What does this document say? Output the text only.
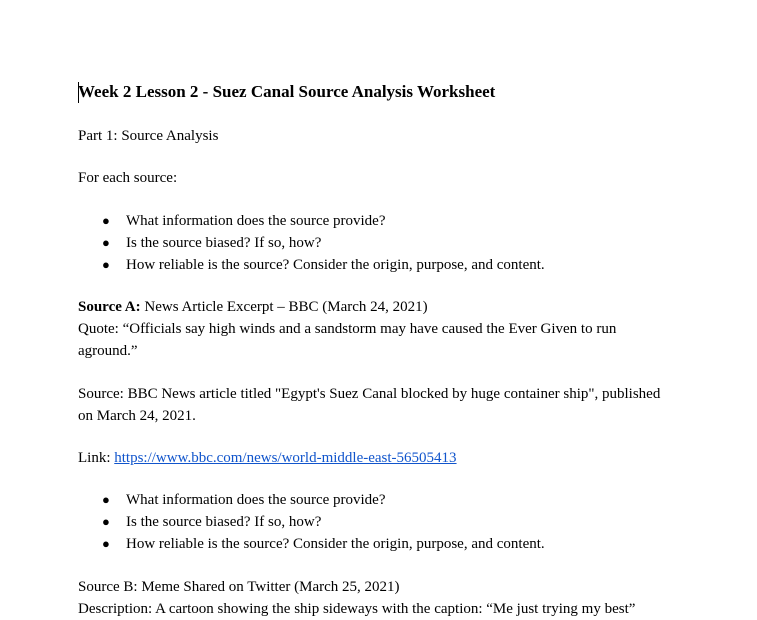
Week 2 Lesson 2 - Suez Canal Source Analysis Worksheet

Part 1: Source Analysis

For each source:

● What information does the source provide?
● Is the source biased? If so, how?
● How reliable is the source? Consider the origin, purpose, and content.

Source A: News Article Excerpt – BBC (March 24, 2021)

Quote: “Officials say high winds and a sandstorm may have caused the Ever Given to run aground.”

Source: BBC News article titled "Egypt's Suez Canal blocked by huge container ship", published on March 24, 2021.

Link: https://www.bbc.com/news/world-middle-east-56505413

● What information does the source provide?
● Is the source biased? If so, how?
● How reliable is the source? Consider the origin, purpose, and content.

Source B: Meme Shared on Twitter (March 25, 2021)

Description: A cartoon showing the ship sideways with the caption: “Me just trying my best”
